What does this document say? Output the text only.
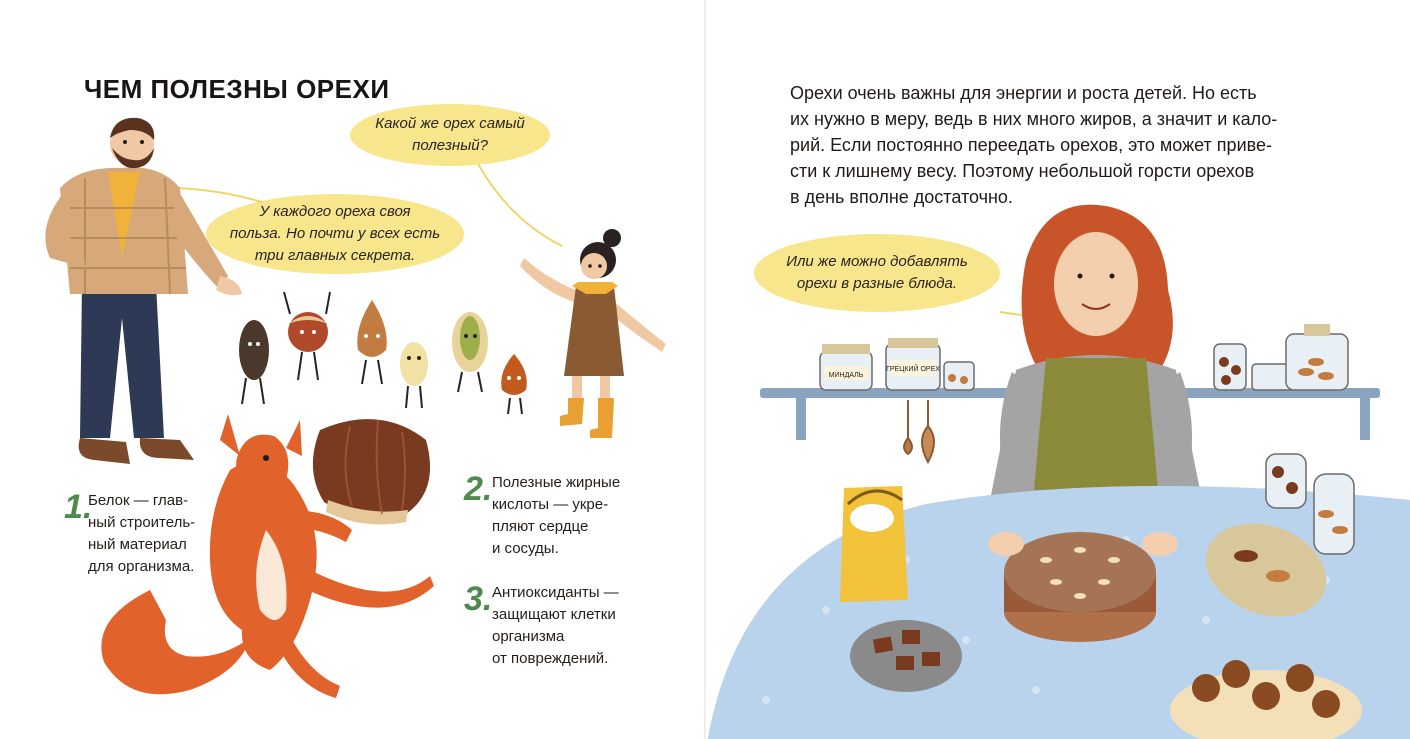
ЧЕМ ПОЛЕЗНЫ ОРЕХИ
Какой же орех самый
полезный?
У каждого ореха своя
польза. Но почти у всех есть
три главных секрета.
1.
Белок — глав-
ный строитель-
ный материал
для организма.
2. Полезные жирные
кислоты — укре-
пляют сердце
и сосуды.
3. Антиоксиданты —
защищают клетки
организма
от повреждений.

Орехи очень важны для энергии и роста детей. Но есть
их нужно в меру, ведь в них много жиров, а значит и кало-
рий. Если постоянно переедать орехов, это может приве-
сти к лишнему весу. Поэтому небольшой горсти орехов
в день вполне достаточно.

Или же можно добавлять
орехи в разные блюда.
МИНДАЛЬ
ГРЕЦКИЙ ОРЕХ
